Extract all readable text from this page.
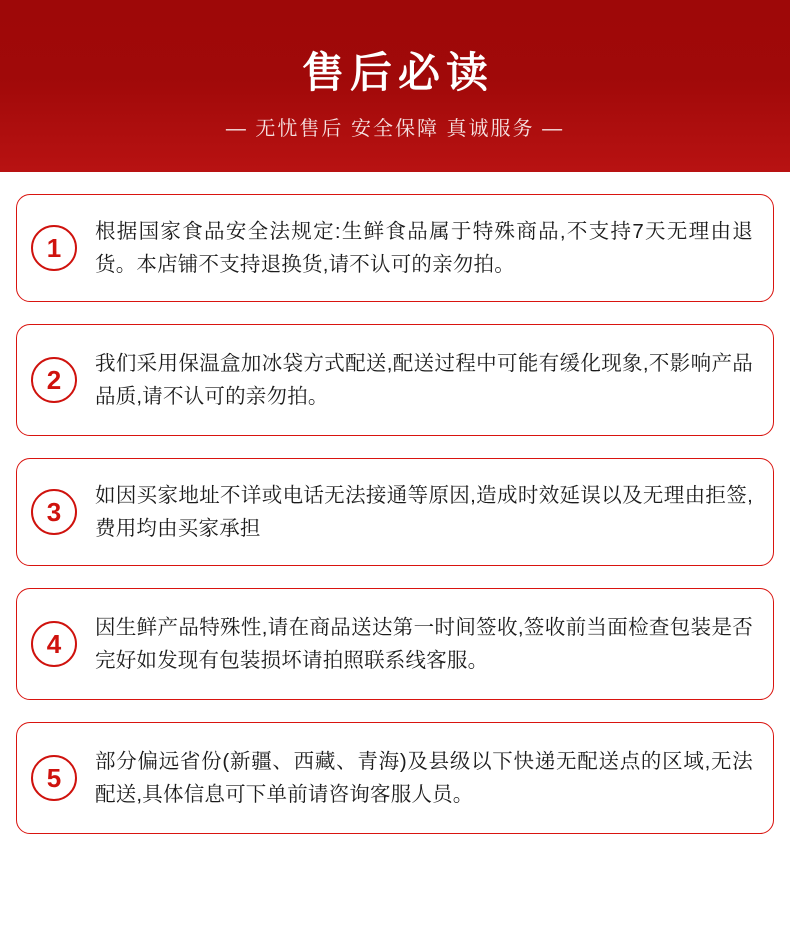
售后必读
— 无忧售后 安全保障 真诚服务 —
1
根据国家食品安全法规定:生鲜食品属于特殊商品,不支持7天无理由退货。本店铺不支持退换货,请不认可的亲勿拍。
2
我们采用保温盒加冰袋方式配送,配送过程中可能有缓化现象,不影响产品品质,请不认可的亲勿拍。
3
如因买家地址不详或电话无法接通等原因,造成时效延误以及无理由拒签,费用均由买家承担
4
因生鲜产品特殊性,请在商品送达第一时间签收,签收前当面检查包装是否完好如发现有包装损坏请拍照联系线客服。
5
部分偏远省份(新疆、西藏、青海)及县级以下快递无配送点的区域,无法配送,具体信息可下单前请咨询客服人员。
